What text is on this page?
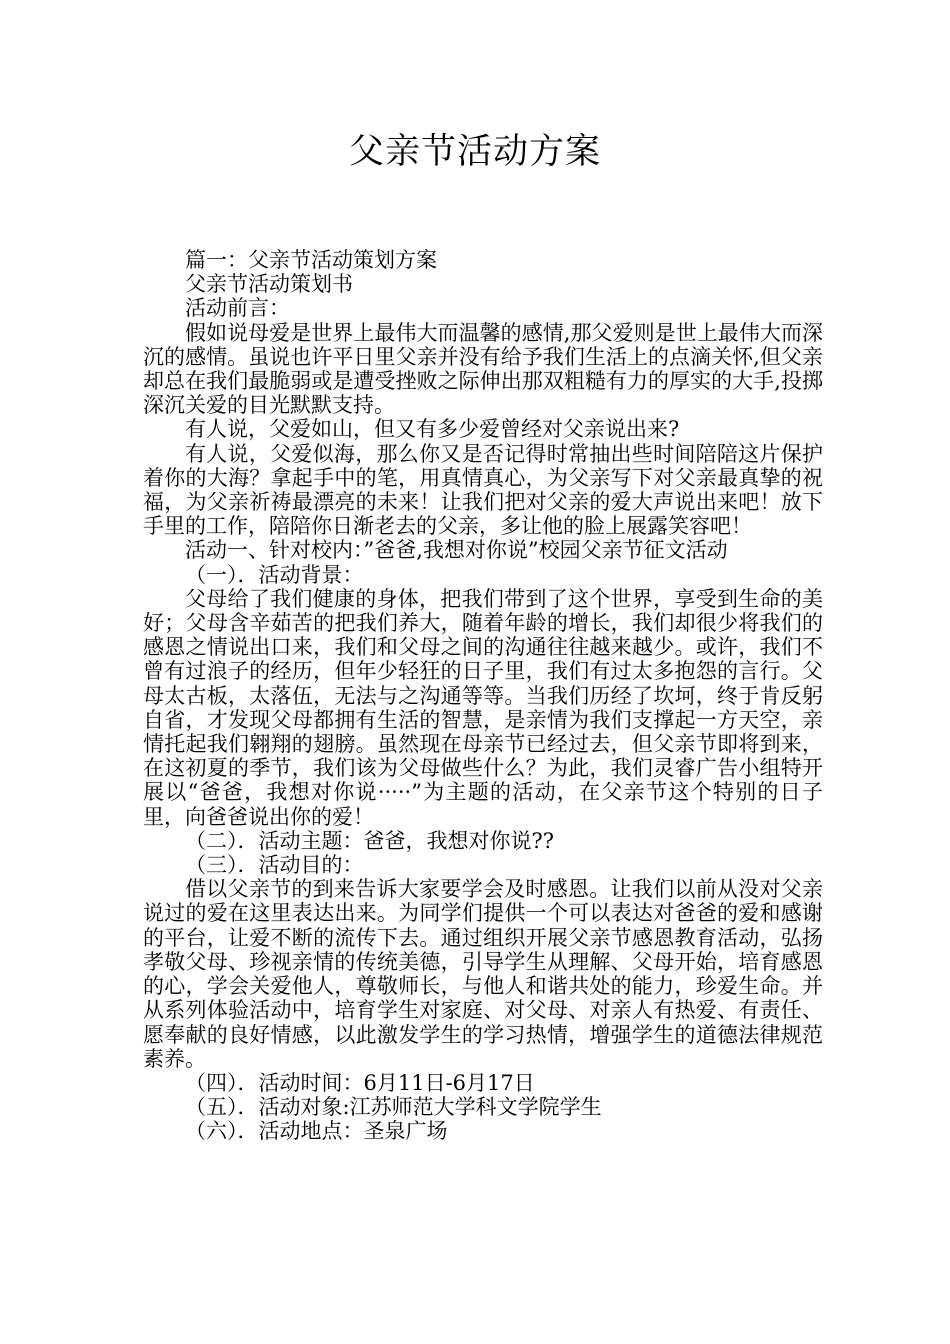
父亲节活动方案

篇一：父亲节活动策划方案

父亲节活动策划书

活动前言：

假如说母爱是世界上最伟大而温馨的感情,那父爱则是世上最伟大而深沉的感情。虽说也许平日里父亲并没有给予我们生活上的点滴关怀,但父亲却总在我们最脆弱或是遭受挫败之际伸出那双粗糙有力的厚实的大手,投掷深沉关爱的目光默默支持。

有人说，父爱如山，但又有多少爱曾经对父亲说出来?

有人说，父爱似海，那么你又是否记得时常抽出些时间陪陪这片保护着你的大海？拿起手中的笔，用真情真心，为父亲写下对父亲最真挚的祝福，为父亲祈祷最漂亮的未来！让我们把对父亲的爱大声说出来吧！放下手里的工作，陪陪你日渐老去的父亲，多让他的脸上展露笑容吧！

活动一、针对校内：”爸爸,我想对你说”校园父亲节征文活动

（一）．活动背景：

父母给了我们健康的身体，把我们带到了这个世界，享受到生命的美好；父母含辛茹苦的把我们养大，随着年龄的增长，我们却很少将我们的感恩之情说出口来，我们和父母之间的沟通往往越来越少。或许，我们不曾有过浪子的经历，但年少轻狂的日子里，我们有过太多抱怨的言行。父母太古板，太落伍，无法与之沟通等等。当我们历经了坎坷，终于肯反躬自省，才发现父母都拥有生活的智慧，是亲情为我们支撑起一方天空，亲情托起我们翱翔的翅膀。虽然现在母亲节已经过去，但父亲节即将到来，在这初夏的季节，我们该为父母做些什么？为此，我们灵睿广告小组特开展以“爸爸，我想对你说·····”为主题的活动，在父亲节这个特别的日子里，向爸爸说出你的爱！

（二）．活动主题：爸爸，我想对你说??

（三）．活动目的：

借以父亲节的到来告诉大家要学会及时感恩。让我们以前从没对父亲说过的爱在这里表达出来。为同学们提供一个可以表达对爸爸的爱和感谢的平台，让爱不断的流传下去。通过组织开展父亲节感恩教育活动，弘扬孝敬父母、珍视亲情的传统美德，引导学生从理解、父母开始，培育感恩的心，学会关爱他人，尊敬师长，与他人和谐共处的能力，珍爱生命。并从系列体验活动中，培育学生对家庭、对父母、对亲人有热爱、有责任、愿奉献的良好情感，以此激发学生的学习热情，增强学生的道德法律规范素养。

（四）．活动时间：6月11日-6月17日

（五）．活动对象:江苏师范大学科文学院学生

（六）．活动地点：圣泉广场
